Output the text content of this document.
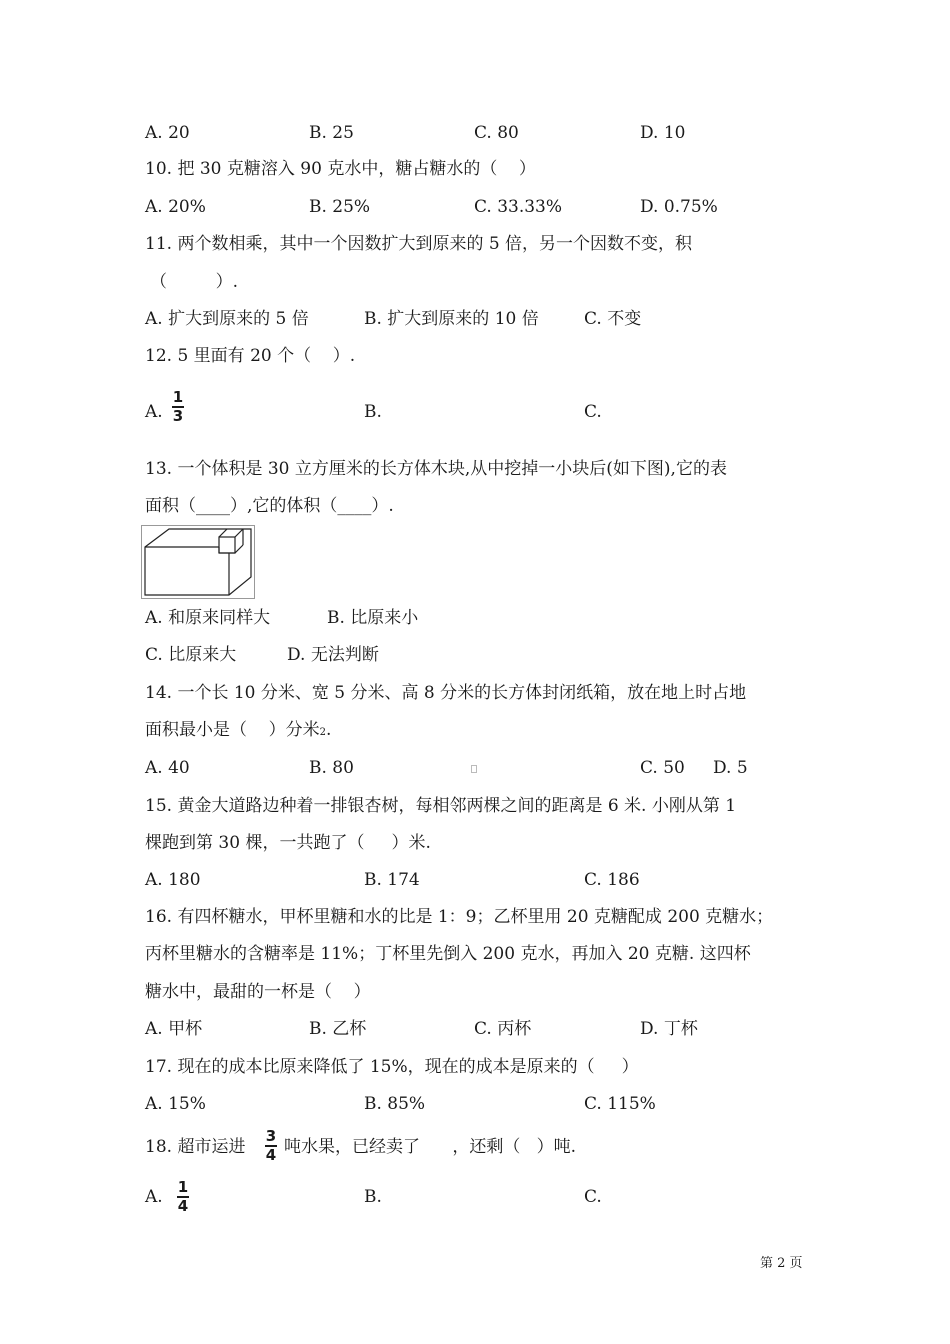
A. 20	B. 25	C. 80	D. 10
10. 把 30 克糖溶入 90 克水中，糖占糖水的（    ）
A. 20%	B. 25%	C. 33.33%	D. 0.75%
11. 两个数相乘，其中一个因数扩大到原来的 5 倍，另一个因数不变，积
（         ）.
A. 扩大到原来的 5 倍	B. 扩大到原来的 10 倍	C. 不变
12. 5 里面有 20 个（    ）.
A.
1
3	B.	C.
13. 一个体积是 30 立方厘米的长方体木块,从中挖掉一小块后(如下图),它的表
面积（____）,它的体积（____）.
A. 和原来同样大	B. 比原来小
C. 比原来大	D. 无法判断
14. 一个长 10 分米、宽 5 分米、高 8 分米的长方体封闭纸箱，放在地上时占地
面积最小是（    ）分米2.
A. 40	B. 80	C. 50 D. 5
15. 黄金大道路边种着一排银杏树，每相邻两棵之间的距离是 6 米. 小刚从第 1
棵跑到第 30 棵，一共跑了（     ）米.
A. 180	B. 174	C. 186
16. 有四杯糖水，甲杯里糖和水的比是 1：9；乙杯里用 20 克糖配成 200 克糖水；
丙杯里糖水的含糖率是 11%；丁杯里先倒入 200 克水，再加入 20 克糖. 这四杯
糖水中，最甜的一杯是（    ）
A. 甲杯	B. 乙杯	C. 丙杯	D. 丁杯
17. 现在的成本比原来降低了 15%，现在的成本是原来的（     ）
A. 15%	B. 85%	C. 115%
18. 超市运进
3
4 吨水果，已经卖了      ，还剩（   ）吨.
A. 1
4	B.	C.
第 2 页
